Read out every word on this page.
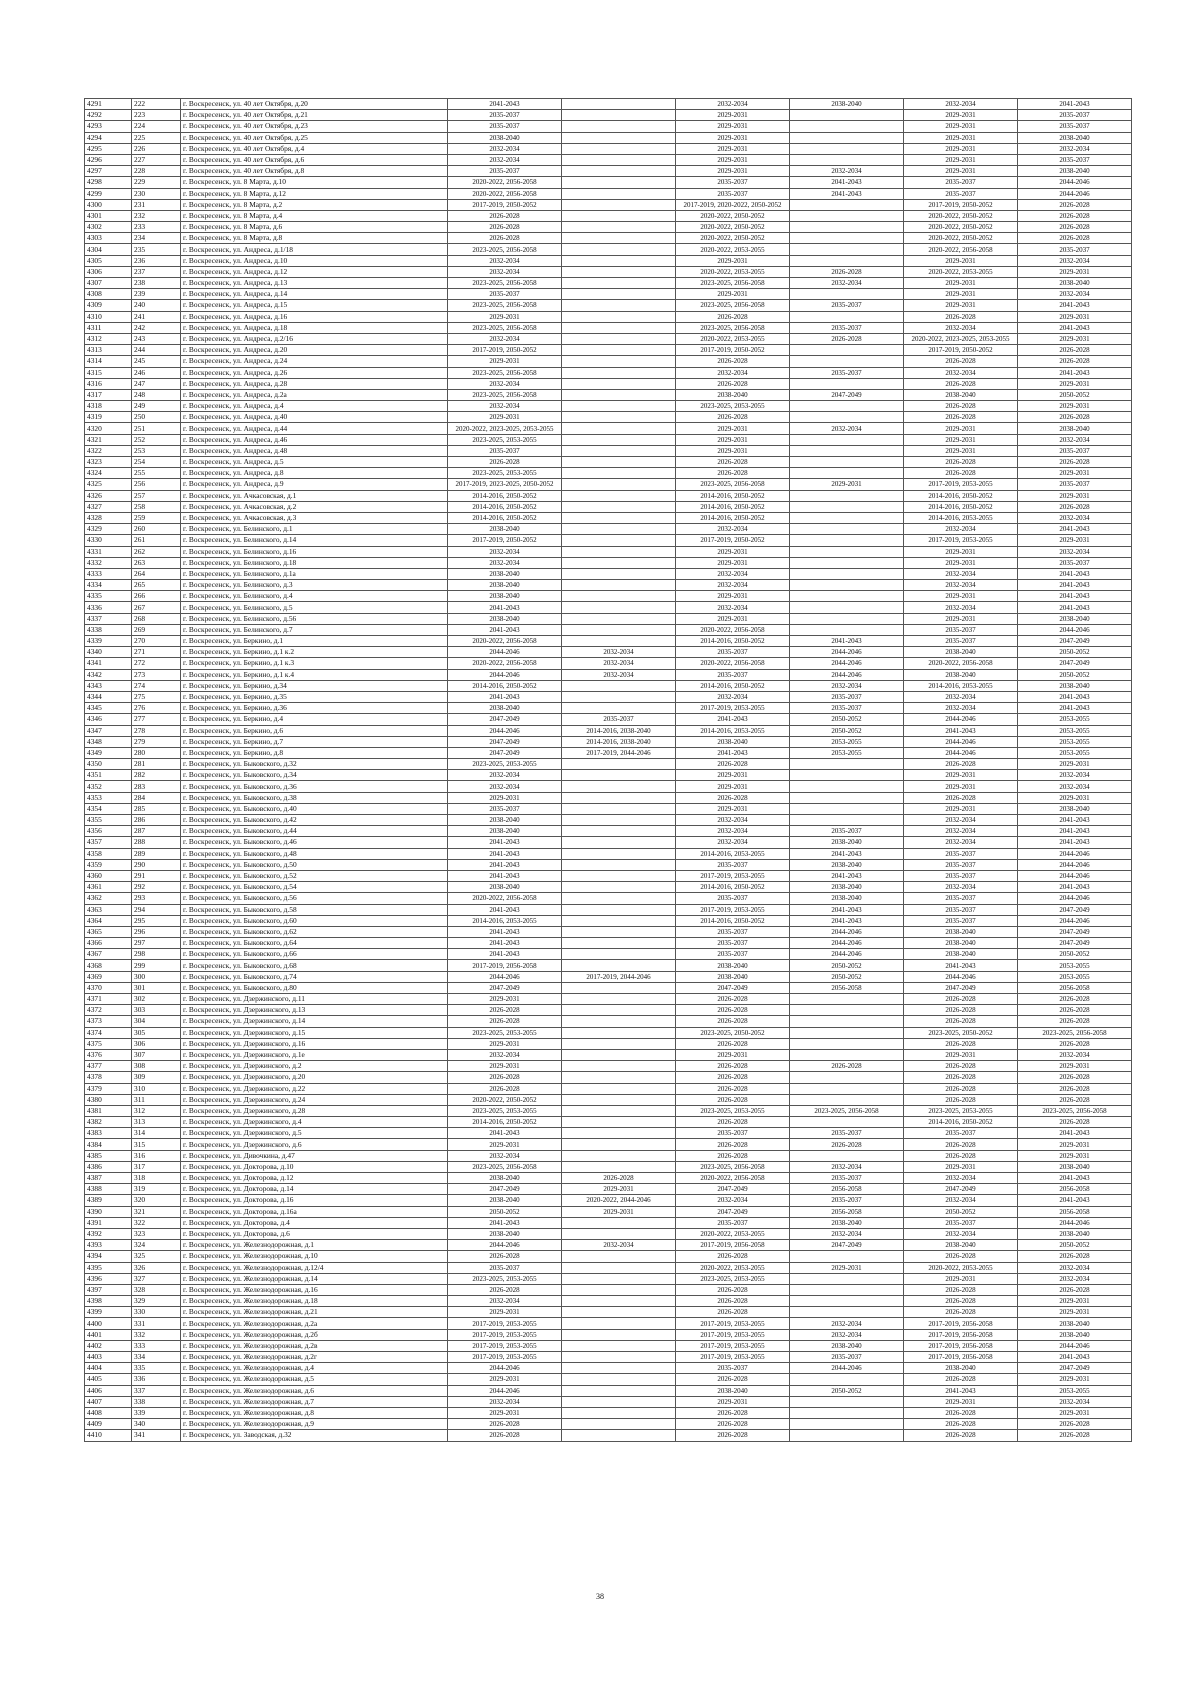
4291	222	г. Воскресенск, ул. 40 лет Октября, д.20	2041-2043		2032-2034	2038-2040	2032-2034	2041-2043
4292	223	г. Воскресенск, ул. 40 лет Октября, д.21	2035-2037		2029-2031		2029-2031	2035-2037
4293	224	г. Воскресенск, ул. 40 лет Октября, д.23	2035-2037		2029-2031		2029-2031	2035-2037
4294	225	г. Воскресенск, ул. 40 лет Октября, д.25	2038-2040		2029-2031		2029-2031	2038-2040
4295	226	г. Воскресенск, ул. 40 лет Октября, д.4	2032-2034		2029-2031		2029-2031	2032-2034
4296	227	г. Воскресенск, ул. 40 лет Октября, д.6	2032-2034		2029-2031		2029-2031	2035-2037
4297	228	г. Воскресенск, ул. 40 лет Октября, д.8	2035-2037		2029-2031	2032-2034	2029-2031	2038-2040
4298	229	г. Воскресенск, ул. 8 Марта, д.10	2020-2022, 2056-2058		2035-2037	2041-2043	2035-2037	2044-2046
4299	230	г. Воскресенск, ул. 8 Марта, д.12	2020-2022, 2056-2058		2035-2037	2041-2043	2035-2037	2044-2046
4300	231	г. Воскресенск, ул. 8 Марта, д.2	2017-2019, 2050-2052		2017-2019, 2020-2022, 2050-2052		2017-2019, 2050-2052	2026-2028
4301	232	г. Воскресенск, ул. 8 Марта, д.4	2026-2028		2020-2022, 2050-2052		2020-2022, 2050-2052	2026-2028
4302	233	г. Воскресенск, ул. 8 Марта, д.6	2026-2028		2020-2022, 2050-2052		2020-2022, 2050-2052	2026-2028
4303	234	г. Воскресенск, ул. 8 Марта, д.8	2026-2028		2020-2022, 2050-2052		2020-2022, 2050-2052	2026-2028
4304	235	г. Воскресенск, ул. Андреса, д.1/18	2023-2025, 2056-2058		2020-2022, 2053-2055		2020-2022, 2056-2058	2035-2037
4305	236	г. Воскресенск, ул. Андреса, д.10	2032-2034		2029-2031		2029-2031	2032-2034
4306	237	г. Воскресенск, ул. Андреса, д.12	2032-2034		2020-2022, 2053-2055	2026-2028	2020-2022, 2053-2055	2029-2031
4307	238	г. Воскресенск, ул. Андреса, д.13	2023-2025, 2056-2058		2023-2025, 2056-2058	2032-2034	2029-2031	2038-2040
4308	239	г. Воскресенск, ул. Андреса, д.14	2035-2037		2029-2031		2029-2031	2032-2034
4309	240	г. Воскресенск, ул. Андреса, д.15	2023-2025, 2056-2058		2023-2025, 2056-2058	2035-2037	2029-2031	2041-2043
4310	241	г. Воскресенск, ул. Андреса, д.16	2029-2031		2026-2028		2026-2028	2029-2031
4311	242	г. Воскресенск, ул. Андреса, д.18	2023-2025, 2056-2058		2023-2025, 2056-2058	2035-2037	2032-2034	2041-2043
4312	243	г. Воскресенск, ул. Андреса, д.2/16	2032-2034		2020-2022, 2053-2055	2026-2028	2020-2022, 2023-2025, 2053-2055	2029-2031
4313	244	г. Воскресенск, ул. Андреса, д.20	2017-2019, 2050-2052		2017-2019, 2050-2052		2017-2019, 2050-2052	2026-2028
4314	245	г. Воскресенск, ул. Андреса, д.24	2029-2031		2026-2028		2026-2028	2026-2028
4315	246	г. Воскресенск, ул. Андреса, д.26	2023-2025, 2056-2058		2032-2034	2035-2037	2032-2034	2041-2043
4316	247	г. Воскресенск, ул. Андреса, д.28	2032-2034		2026-2028		2026-2028	2029-2031
4317	248	г. Воскресенск, ул. Андреса, д.2а	2023-2025, 2056-2058		2038-2040	2047-2049	2038-2040	2050-2052
4318	249	г. Воскресенск, ул. Андреса, д.4	2032-2034		2023-2025, 2053-2055		2026-2028	2029-2031
4319	250	г. Воскресенск, ул. Андреса, д.40	2029-2031		2026-2028		2026-2028	2026-2028
4320	251	г. Воскресенск, ул. Андреса, д.44	2020-2022, 2023-2025, 2053-2055		2029-2031	2032-2034	2029-2031	2038-2040
4321	252	г. Воскресенск, ул. Андреса, д.46	2023-2025, 2053-2055		2029-2031		2029-2031	2032-2034
4322	253	г. Воскресенск, ул. Андреса, д.48	2035-2037		2029-2031		2029-2031	2035-2037
4323	254	г. Воскресенск, ул. Андреса, д.5	2026-2028		2026-2028		2026-2028	2026-2028
4324	255	г. Воскресенск, ул. Андреса, д.8	2023-2025, 2053-2055		2026-2028		2026-2028	2029-2031
4325	256	г. Воскресенск, ул. Андреса, д.9	2017-2019, 2023-2025, 2050-2052		2023-2025, 2056-2058	2029-2031	2017-2019, 2053-2055	2035-2037
4326	257	г. Воскресенск, ул. Ачкасовская, д.1	2014-2016, 2050-2052		2014-2016, 2050-2052		2014-2016, 2050-2052	2029-2031
4327	258	г. Воскресенск, ул. Ачкасовская, д.2	2014-2016, 2050-2052		2014-2016, 2050-2052		2014-2016, 2050-2052	2026-2028
4328	259	г. Воскресенск, ул. Ачкасовская, д.3	2014-2016, 2050-2052		2014-2016, 2050-2052		2014-2016, 2053-2055	2032-2034
4329	260	г. Воскресенск, ул. Белинского, д.1	2038-2040		2032-2034		2032-2034	2041-2043
4330	261	г. Воскресенск, ул. Белинского, д.14	2017-2019, 2050-2052		2017-2019, 2050-2052		2017-2019, 2053-2055	2029-2031
4331	262	г. Воскресенск, ул. Белинского, д.16	2032-2034		2029-2031		2029-2031	2032-2034
4332	263	г. Воскресенск, ул. Белинского, д.18	2032-2034		2029-2031		2029-2031	2035-2037
4333	264	г. Воскресенск, ул. Белинского, д.1а	2038-2040		2032-2034		2032-2034	2041-2043
4334	265	г. Воскресенск, ул. Белинского, д.3	2038-2040		2032-2034		2032-2034	2041-2043
4335	266	г. Воскресенск, ул. Белинского, д.4	2038-2040		2029-2031		2029-2031	2041-2043
4336	267	г. Воскресенск, ул. Белинского, д.5	2041-2043		2032-2034		2032-2034	2041-2043
4337	268	г. Воскресенск, ул. Белинского, д.56	2038-2040		2029-2031		2029-2031	2038-2040
4338	269	г. Воскресенск, ул. Белинского, д.7	2041-2043		2020-2022, 2056-2058		2035-2037	2044-2046
4339	270	г. Воскресенск, ул. Беркино, д.1	2020-2022, 2056-2058		2014-2016, 2050-2052	2041-2043	2035-2037	2047-2049
4340	271	г. Воскресенск, ул. Беркино, д.1 к.2	2044-2046	2032-2034	2035-2037	2044-2046	2038-2040	2050-2052
4341	272	г. Воскресенск, ул. Беркино, д.1 к.3	2020-2022, 2056-2058	2032-2034	2020-2022, 2056-2058	2044-2046	2020-2022, 2056-2058	2047-2049
4342	273	г. Воскресенск, ул. Беркино, д.1 к.4	2044-2046	2032-2034	2035-2037	2044-2046	2038-2040	2050-2052
4343	274	г. Воскресенск, ул. Беркино, д.34	2014-2016, 2050-2052		2014-2016, 2050-2052	2032-2034	2014-2016, 2053-2055	2038-2040
4344	275	г. Воскресенск, ул. Беркино, д.35	2041-2043		2032-2034	2035-2037	2032-2034	2041-2043
4345	276	г. Воскресенск, ул. Беркино, д.36	2038-2040		2017-2019, 2053-2055	2035-2037	2032-2034	2041-2043
4346	277	г. Воскресенск, ул. Беркино, д.4	2047-2049	2035-2037	2041-2043	2050-2052	2044-2046	2053-2055
4347	278	г. Воскресенск, ул. Беркино, д.6	2044-2046	2014-2016, 2038-2040	2014-2016, 2053-2055	2050-2052	2041-2043	2053-2055
4348	279	г. Воскресенск, ул. Беркино, д.7	2047-2049	2014-2016, 2038-2040	2038-2040	2053-2055	2044-2046	2053-2055
4349	280	г. Воскресенск, ул. Беркино, д.8	2047-2049	2017-2019, 2044-2046	2041-2043	2053-2055	2044-2046	2053-2055
4350	281	г. Воскресенск, ул. Быковского, д.32	2023-2025, 2053-2055		2026-2028		2026-2028	2029-2031
4351	282	г. Воскресенск, ул. Быковского, д.34	2032-2034		2029-2031		2029-2031	2032-2034
4352	283	г. Воскресенск, ул. Быковского, д.36	2032-2034		2029-2031		2029-2031	2032-2034
4353	284	г. Воскресенск, ул. Быковского, д.38	2029-2031		2026-2028		2026-2028	2029-2031
4354	285	г. Воскресенск, ул. Быковского, д.40	2035-2037		2029-2031		2029-2031	2038-2040
4355	286	г. Воскресенск, ул. Быковского, д.42	2038-2040		2032-2034		2032-2034	2041-2043
4356	287	г. Воскресенск, ул. Быковского, д.44	2038-2040		2032-2034	2035-2037	2032-2034	2041-2043
4357	288	г. Воскресенск, ул. Быковского, д.46	2041-2043		2032-2034	2038-2040	2032-2034	2041-2043
4358	289	г. Воскресенск, ул. Быковского, д.48	2041-2043		2014-2016, 2053-2055	2041-2043	2035-2037	2044-2046
4359	290	г. Воскресенск, ул. Быковского, д.50	2041-2043		2035-2037	2038-2040	2035-2037	2044-2046
4360	291	г. Воскресенск, ул. Быковского, д.52	2041-2043		2017-2019, 2053-2055	2041-2043	2035-2037	2044-2046
4361	292	г. Воскресенск, ул. Быковского, д.54	2038-2040		2014-2016, 2050-2052	2038-2040	2032-2034	2041-2043
4362	293	г. Воскресенск, ул. Быковского, д.56	2020-2022, 2056-2058		2035-2037	2038-2040	2035-2037	2044-2046
4363	294	г. Воскресенск, ул. Быковского, д.58	2041-2043		2017-2019, 2053-2055	2041-2043	2035-2037	2047-2049
4364	295	г. Воскресенск, ул. Быковского, д.60	2014-2016, 2053-2055		2014-2016, 2050-2052	2041-2043	2035-2037	2044-2046
4365	296	г. Воскресенск, ул. Быковского, д.62	2041-2043		2035-2037	2044-2046	2038-2040	2047-2049
4366	297	г. Воскресенск, ул. Быковского, д.64	2041-2043		2035-2037	2044-2046	2038-2040	2047-2049
4367	298	г. Воскресенск, ул. Быковского, д.66	2041-2043		2035-2037	2044-2046	2038-2040	2050-2052
4368	299	г. Воскресенск, ул. Быковского, д.68	2017-2019, 2056-2058		2038-2040	2050-2052	2041-2043	2053-2055
4369	300	г. Воскресенск, ул. Быковского, д.74	2044-2046	2017-2019, 2044-2046	2038-2040	2050-2052	2044-2046	2053-2055
4370	301	г. Воскресенск, ул. Быковского, д.80	2047-2049		2047-2049	2056-2058	2047-2049	2056-2058
4371	302	г. Воскресенск, ул. Дзержинского, д.11	2029-2031		2026-2028		2026-2028	2026-2028
4372	303	г. Воскресенск, ул. Дзержинского, д.13	2026-2028		2026-2028		2026-2028	2026-2028
4373	304	г. Воскресенск, ул. Дзержинского, д.14	2026-2028		2026-2028		2026-2028	2026-2028
4374	305	г. Воскресенск, ул. Дзержинского, д.15	2023-2025, 2053-2055		2023-2025, 2050-2052		2023-2025, 2050-2052	2023-2025, 2056-2058
4375	306	г. Воскресенск, ул. Дзержинского, д.16	2029-2031		2026-2028		2026-2028	2026-2028
4376	307	г. Воскресенск, ул. Дзержинского, д.1е	2032-2034		2029-2031		2029-2031	2032-2034
4377	308	г. Воскресенск, ул. Дзержинского, д.2	2029-2031		2026-2028	2026-2028	2026-2028	2029-2031
4378	309	г. Воскресенск, ул. Дзержинского, д.20	2026-2028		2026-2028		2026-2028	2026-2028
4379	310	г. Воскресенск, ул. Дзержинского, д.22	2026-2028		2026-2028		2026-2028	2026-2028
4380	311	г. Воскресенск, ул. Дзержинского, д.24	2020-2022, 2050-2052		2026-2028		2026-2028	2026-2028
4381	312	г. Воскресенск, ул. Дзержинского, д.28	2023-2025, 2053-2055		2023-2025, 2053-2055	2023-2025, 2056-2058	2023-2025, 2053-2055	2023-2025, 2056-2058
4382	313	г. Воскресенск, ул. Дзержинского, д.4	2014-2016, 2050-2052		2026-2028		2014-2016, 2050-2052	2026-2028
4383	314	г. Воскресенск, ул. Дзержинского, д.5	2041-2043		2035-2037	2035-2037	2035-2037	2041-2043
4384	315	г. Воскресенск, ул. Дзержинского, д.6	2029-2031		2026-2028	2026-2028	2026-2028	2029-2031
4385	316	г. Воскресенск, ул. Дивочкина, д.47	2032-2034		2026-2028		2026-2028	2029-2031
4386	317	г. Воскресенск, ул. Докторова, д.10	2023-2025, 2056-2058		2023-2025, 2056-2058	2032-2034	2029-2031	2038-2040
4387	318	г. Воскресенск, ул. Докторова, д.12	2038-2040	2026-2028	2020-2022, 2056-2058	2035-2037	2032-2034	2041-2043
4388	319	г. Воскресенск, ул. Докторова, д.14	2047-2049	2029-2031	2047-2049	2056-2058	2047-2049	2056-2058
4389	320	г. Воскресенск, ул. Докторова, д.16	2038-2040	2020-2022, 2044-2046	2032-2034	2035-2037	2032-2034	2041-2043
4390	321	г. Воскресенск, ул. Докторова, д.16а	2050-2052	2029-2031	2047-2049	2056-2058	2050-2052	2056-2058
4391	322	г. Воскресенск, ул. Докторова, д.4	2041-2043		2035-2037	2038-2040	2035-2037	2044-2046
4392	323	г. Воскресенск, ул. Докторова, д.6	2038-2040		2020-2022, 2053-2055	2032-2034	2032-2034	2038-2040
4393	324	г. Воскресенск, ул. Железнодорожная, д.1	2044-2046	2032-2034	2017-2019, 2056-2058	2047-2049	2038-2040	2050-2052
4394	325	г. Воскресенск, ул. Железнодорожная, д.10	2026-2028		2026-2028		2026-2028	2026-2028
4395	326	г. Воскресенск, ул. Железнодорожная, д.12/4	2035-2037		2020-2022, 2053-2055	2029-2031	2020-2022, 2053-2055	2032-2034
4396	327	г. Воскресенск, ул. Железнодорожная, д.14	2023-2025, 2053-2055		2023-2025, 2053-2055		2029-2031	2032-2034
4397	328	г. Воскресенск, ул. Железнодорожная, д.16	2026-2028		2026-2028		2026-2028	2026-2028
4398	329	г. Воскресенск, ул. Железнодорожная, д.18	2032-2034		2026-2028		2026-2028	2029-2031
4399	330	г. Воскресенск, ул. Железнодорожная, д.21	2029-2031		2026-2028		2026-2028	2029-2031
4400	331	г. Воскресенск, ул. Железнодорожная, д.2а	2017-2019, 2053-2055		2017-2019, 2053-2055	2032-2034	2017-2019, 2056-2058	2038-2040
4401	332	г. Воскресенск, ул. Железнодорожная, д.2б	2017-2019, 2053-2055		2017-2019, 2053-2055	2032-2034	2017-2019, 2056-2058	2038-2040
4402	333	г. Воскресенск, ул. Железнодорожная, д.2в	2017-2019, 2053-2055		2017-2019, 2053-2055	2038-2040	2017-2019, 2056-2058	2044-2046
4403	334	г. Воскресенск, ул. Железнодорожная, д.2г	2017-2019, 2053-2055		2017-2019, 2053-2055	2035-2037	2017-2019, 2056-2058	2041-2043
4404	335	г. Воскресенск, ул. Железнодорожная, д.4	2044-2046		2035-2037	2044-2046	2038-2040	2047-2049
4405	336	г. Воскресенск, ул. Железнодорожная, д.5	2029-2031		2026-2028		2026-2028	2029-2031
4406	337	г. Воскресенск, ул. Железнодорожная, д.6	2044-2046		2038-2040	2050-2052	2041-2043	2053-2055
4407	338	г. Воскресенск, ул. Железнодорожная, д.7	2032-2034		2029-2031		2029-2031	2032-2034
4408	339	г. Воскресенск, ул. Железнодорожная, д.8	2029-2031		2026-2028		2026-2028	2029-2031
4409	340	г. Воскресенск, ул. Железнодорожная, д.9	2026-2028		2026-2028		2026-2028	2026-2028
4410	341	г. Воскресенск, ул. Заводская, д.32	2026-2028		2026-2028		2026-2028	2026-2028
38
